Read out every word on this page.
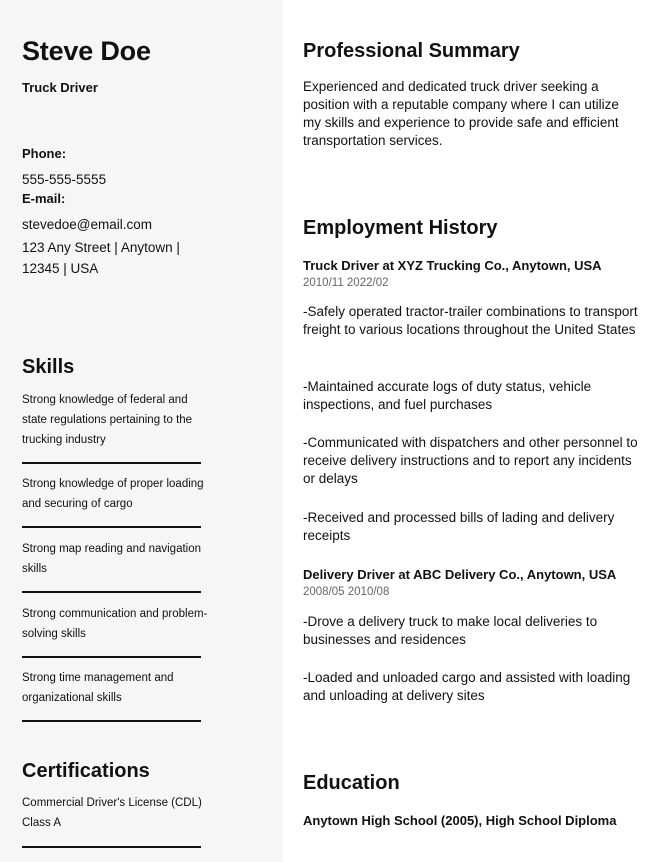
Steve Doe
Truck Driver
Phone:
555-555-5555
E-mail:
stevedoe@email.com
123 Any Street | Anytown | 12345 | USA
Skills
Strong knowledge of federal and state regulations pertaining to the trucking industry
Strong knowledge of proper loading and securing of cargo
Strong map reading and navigation skills
Strong communication and problem-solving skills
Strong time management and organizational skills
Certifications
Commercial Driver's License (CDL) Class A
Professional Summary
Experienced and dedicated truck driver seeking a position with a reputable company where I can utilize my skills and experience to provide safe and efficient transportation services.
Employment History
Truck Driver at XYZ Trucking Co., Anytown, USA
2010/11 2022/02
-Safely operated tractor-trailer combinations to transport freight to various locations throughout the United States
-Maintained accurate logs of duty status, vehicle inspections, and fuel purchases
-Communicated with dispatchers and other personnel to receive delivery instructions and to report any incidents or delays
-Received and processed bills of lading and delivery receipts
Delivery Driver at ABC Delivery Co., Anytown, USA
2008/05 2010/08
-Drove a delivery truck to make local deliveries to businesses and residences
-Loaded and unloaded cargo and assisted with loading and unloading at delivery sites
Education
Anytown High School (2005), High School Diploma
